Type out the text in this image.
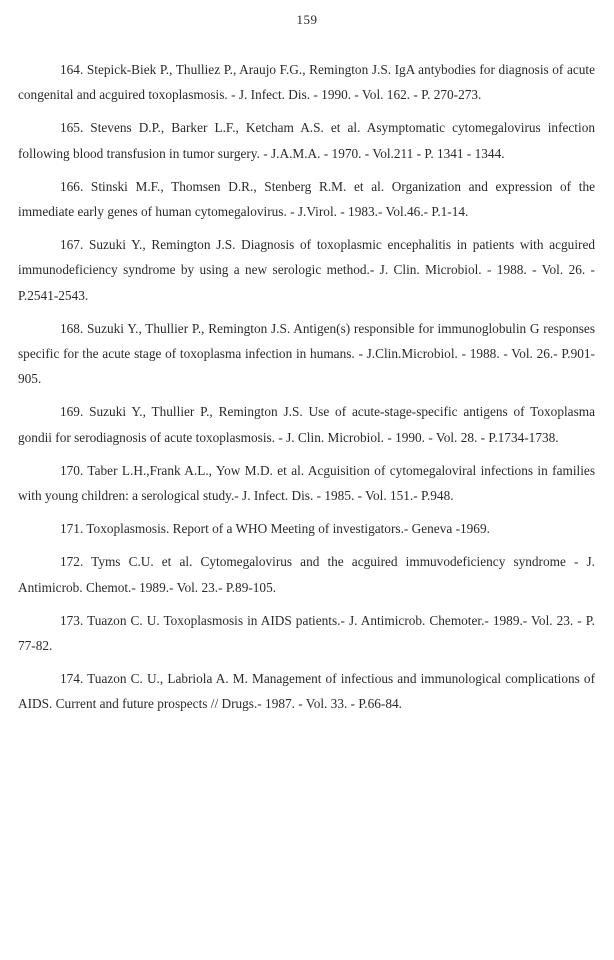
159

164. Stepick-Biek P., Thulliez P., Araujo F.G., Remington J.S. IgA antybodies for diagnosis of acute congenital and acguired toxoplasmosis. - J. Infect. Dis. - 1990. - Vol. 162. - P. 270-273.

165. Stevens D.P., Barker L.F., Ketcham A.S. et al. Asymptomatic cytomegalovirus infection following blood transfusion in tumor surgery. - J.A.M.A. - 1970. - Vol.211 - P. 1341 - 1344.

166. Stinski M.F., Thomsen D.R., Stenberg R.M. et al. Organization and expression of the immediate early genes of human cytomegalovirus. - J.Virol. - 1983.- Vol.46.- P.1-14.

167. Suzuki Y., Remington J.S. Diagnosis of toxoplasmic encephalitis in patients with acguired immunodeficiency syndrome by using a new serologic method.- J. Clin. Microbiol. - 1988. - Vol. 26. - P.2541-2543.

168. Suzuki Y., Thullier P., Remington J.S. Antigen(s) responsible for immunoglobulin G responses specific for the acute stage of toxoplasma infection in humans. - J.Clin.Microbiol. - 1988. - Vol. 26.- P.901-905.

169. Suzuki Y., Thullier P., Remington J.S. Use of acute-stage-specific antigens of Toxoplasma gondii for serodiagnosis of acute toxoplasmosis. - J. Clin. Microbiol. - 1990. - Vol. 28. - P.1734-1738.

170. Taber L.H.,Frank A.L., Yow M.D. et al. Acguisition of cytomegaloviral infections in families with young children: a serological study.- J. Infect. Dis. - 1985. - Vol. 151.- P.948.

171. Toxoplasmosis. Report of a WHO Meeting of investigators.- Geneva -1969.

172. Tyms C.U. et al. Cytomegalovirus and the acguired immuvodeficiency syndrome - J. Antimicrob. Chemot.- 1989.- Vol. 23.- P.89-105.

173. Tuazon C. U. Toxoplasmosis in AIDS patients.- J. Antimicrob. Chemoter.- 1989.- Vol. 23. - P. 77-82.

174. Tuazon C. U., Labriola A. M. Management of infectious and immunological complications of AIDS. Current and future prospects // Drugs.- 1987. - Vol. 33. - P.66-84.
